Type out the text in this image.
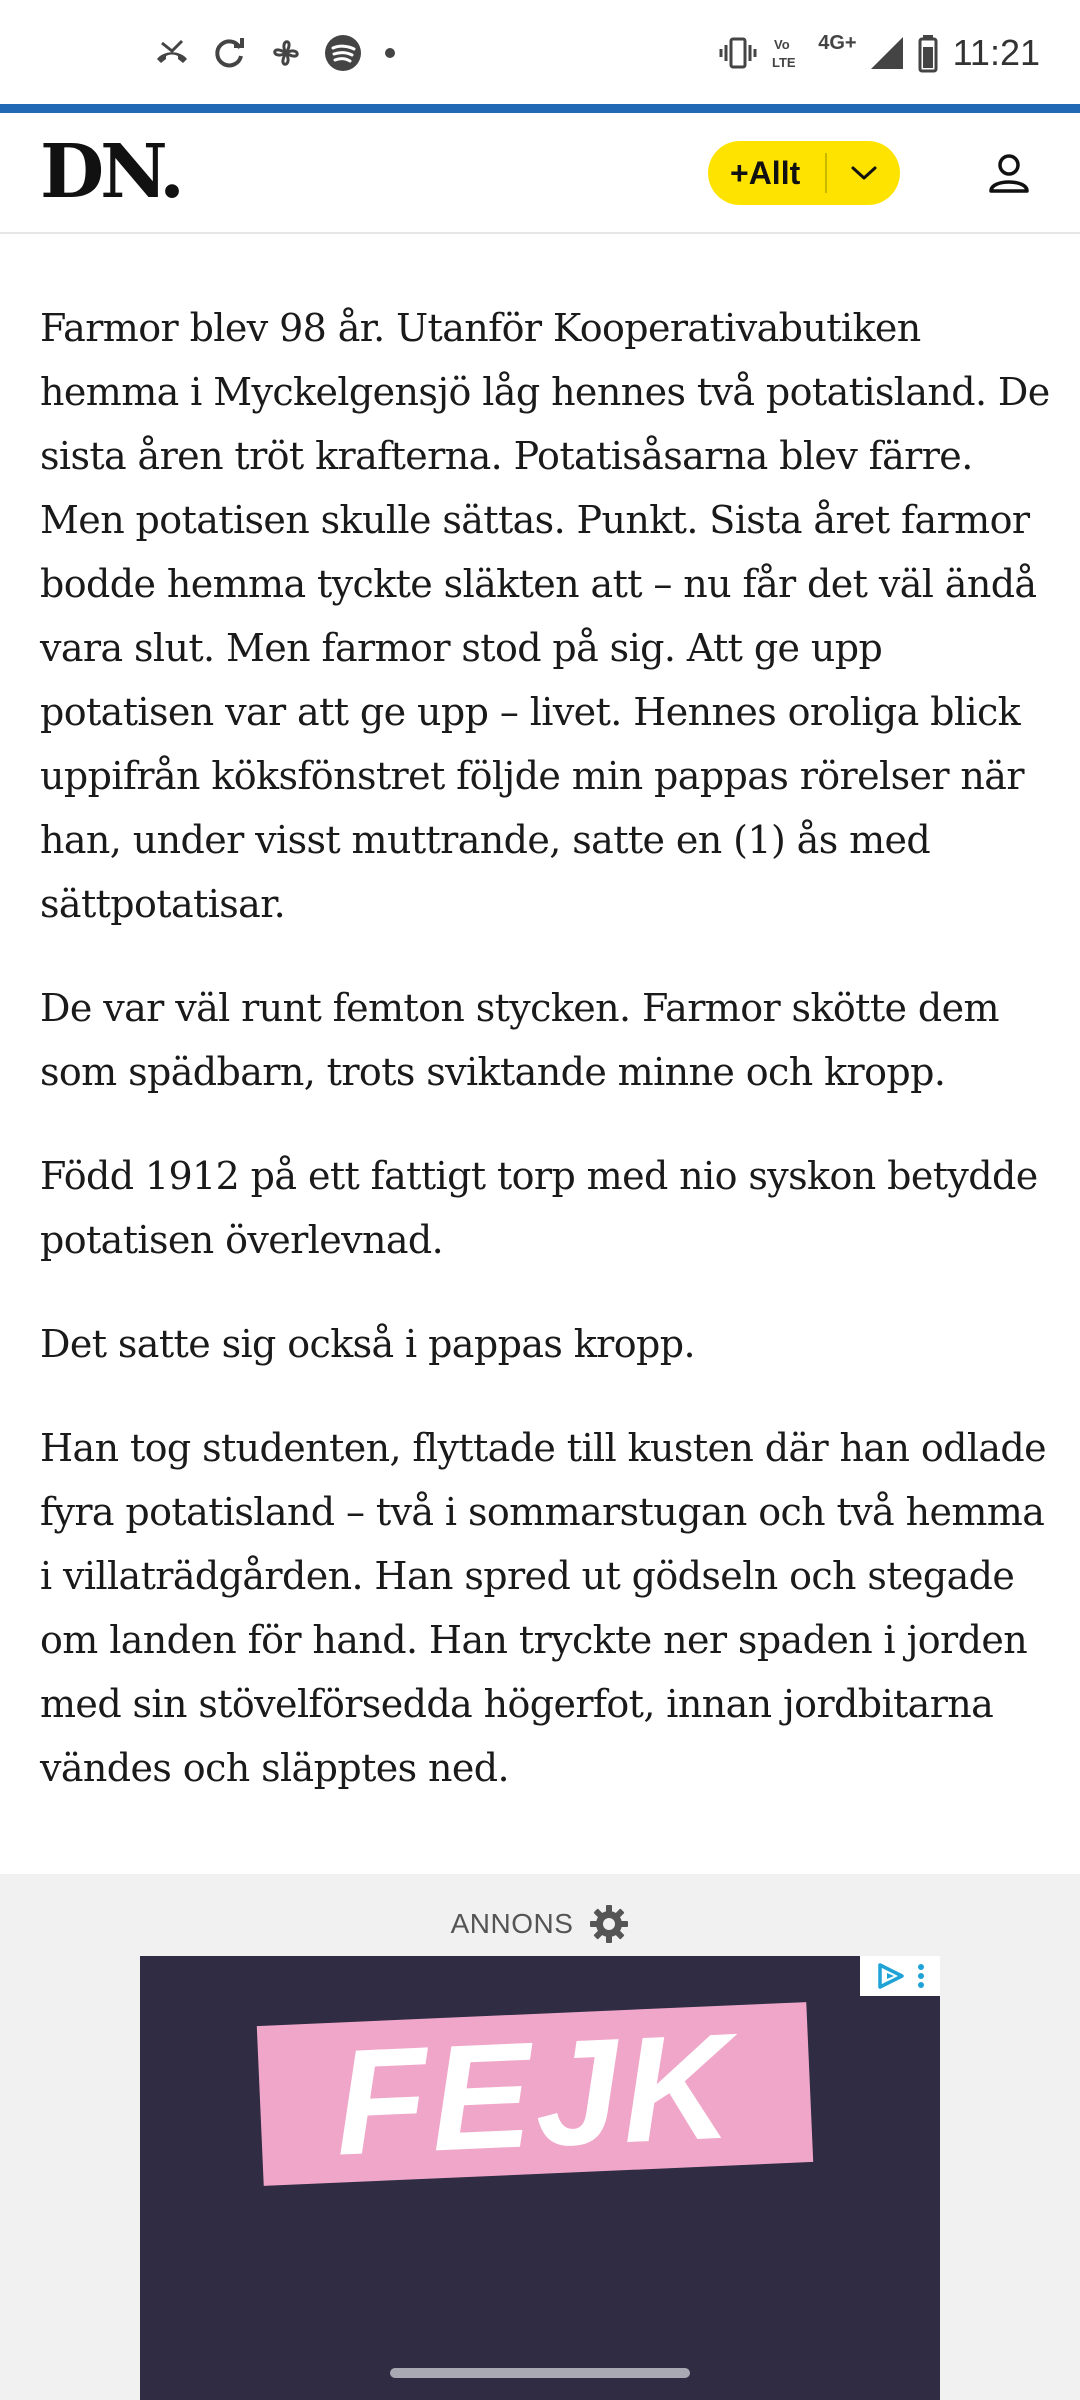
Vo
LTE
4G+	11:21
DN.	+Allt

Farmor blev 98 år. Utanför Kooperativabutiken hemma i Myckelgensjö låg hennes två potatisland. De sista åren tröt krafterna. Potatisåsarna blev färre. Men potatisen skulle sättas. Punkt. Sista året farmor bodde hemma tyckte släkten att – nu får det väl ändå vara slut. Men farmor stod på sig. Att ge upp potatisen var att ge upp – livet. Hennes oroliga blick uppifrån köksfönstret följde min pappas rörelser när han, under visst muttrande, satte en (1) ås med sättpotatisar.

De var väl runt femton stycken. Farmor skötte dem som spädbarn, trots sviktande minne och kropp.

Född 1912 på ett fattigt torp med nio syskon betydde potatisen överlevnad.

Det satte sig också i pappas kropp.

Han tog studenten, flyttade till kusten där han odlade fyra potatisland – två i sommarstugan och två hemma i villaträdgården. Han spred ut gödseln och stegade om landen för hand. Han tryckte ner spaden i jorden med sin stövelförsedda högerfot, innan jordbitarna vändes och släpptes ned.

ANNONS
FEJK
